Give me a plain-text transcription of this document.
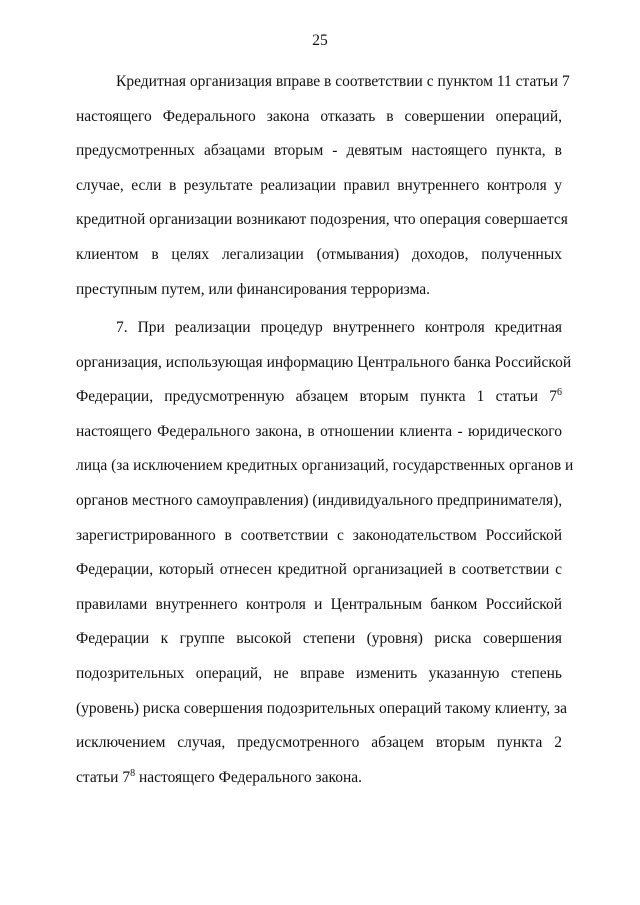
25
Кредитная организация вправе в соответствии с пунктом 11 статьи 7
настоящего Федерального закона отказать в совершении операций,
предусмотренных абзацами вторым - девятым настоящего пункта, в
случае, если в результате реализации правил внутреннего контроля у
кредитной организации возникают подозрения, что операция совершается
клиентом в целях легализации (отмывания) доходов, полученных
преступным путем, или финансирования терроризма.
7. При реализации процедур внутреннего контроля кредитная
организация, использующая информацию Центрального банка Российской
Федерации, предусмотренную абзацем вторым пункта 1 статьи $7^6$
настоящего Федерального закона, в отношении клиента - юридического
лица (за исключением кредитных организаций, государственных органов и
органов местного самоуправления) (индивидуального предпринимателя),
зарегистрированного в соответствии с законодательством Российской
Федерации, который отнесен кредитной организацией в соответствии с
правилами внутреннего контроля и Центральным банком Российской
Федерации к группе высокой степени (уровня) риска совершения
подозрительных операций, не вправе изменить указанную степень
(уровень) риска совершения подозрительных операций такому клиенту, за
исключением случая, предусмотренного абзацем вторым пункта 2
статьи $7^8$ настоящего Федерального закона.
